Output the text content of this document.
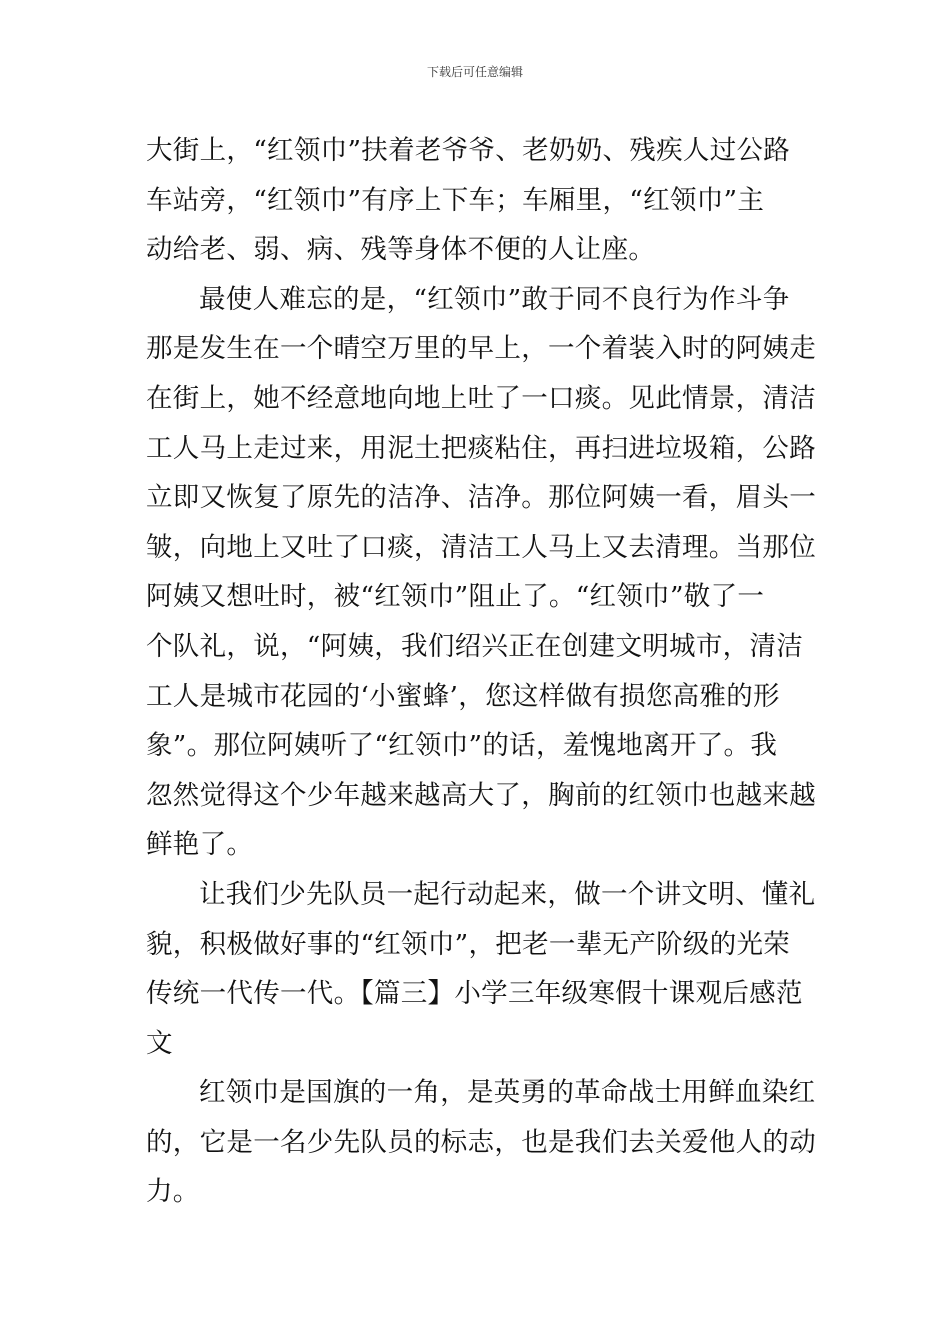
下载后可任意编辑
大街上，“红领巾”扶着老爷爷、老奶奶、残疾人过公路
车站旁，“红领巾”有序上下车；车厢里，“红领巾”主
动给老、弱、病、残等身体不便的人让座。
最使人难忘的是，“红领巾”敢于同不良行为作斗争
那是发生在一个晴空万里的早上，一个着装入时的阿姨走
在街上，她不经意地向地上吐了一口痰。见此情景，清洁
工人马上走过来，用泥土把痰粘住，再扫进垃圾箱，公路
立即又恢复了原先的洁净、洁净。那位阿姨一看，眉头一
皱，向地上又吐了口痰，清洁工人马上又去清理。当那位
阿姨又想吐时，被“红领巾”阻止了。“红领巾”敬了一
个队礼，说，“阿姨，我们绍兴正在创建文明城市，清洁
工人是城市花园的‘小蜜蜂’，您这样做有损您高雅的形
象”。那位阿姨听了“红领巾”的话，羞愧地离开了。我
忽然觉得这个少年越来越高大了，胸前的红领巾也越来越
鲜艳了。
让我们少先队员一起行动起来，做一个讲文明、懂礼
貌，积极做好事的“红领巾”，把老一辈无产阶级的光荣
传统一代传一代。【篇三】小学三年级寒假十课观后感范
文
红领巾是国旗的一角，是英勇的革命战士用鲜血染红
的，它是一名少先队员的标志，也是我们去关爱他人的动
力。
